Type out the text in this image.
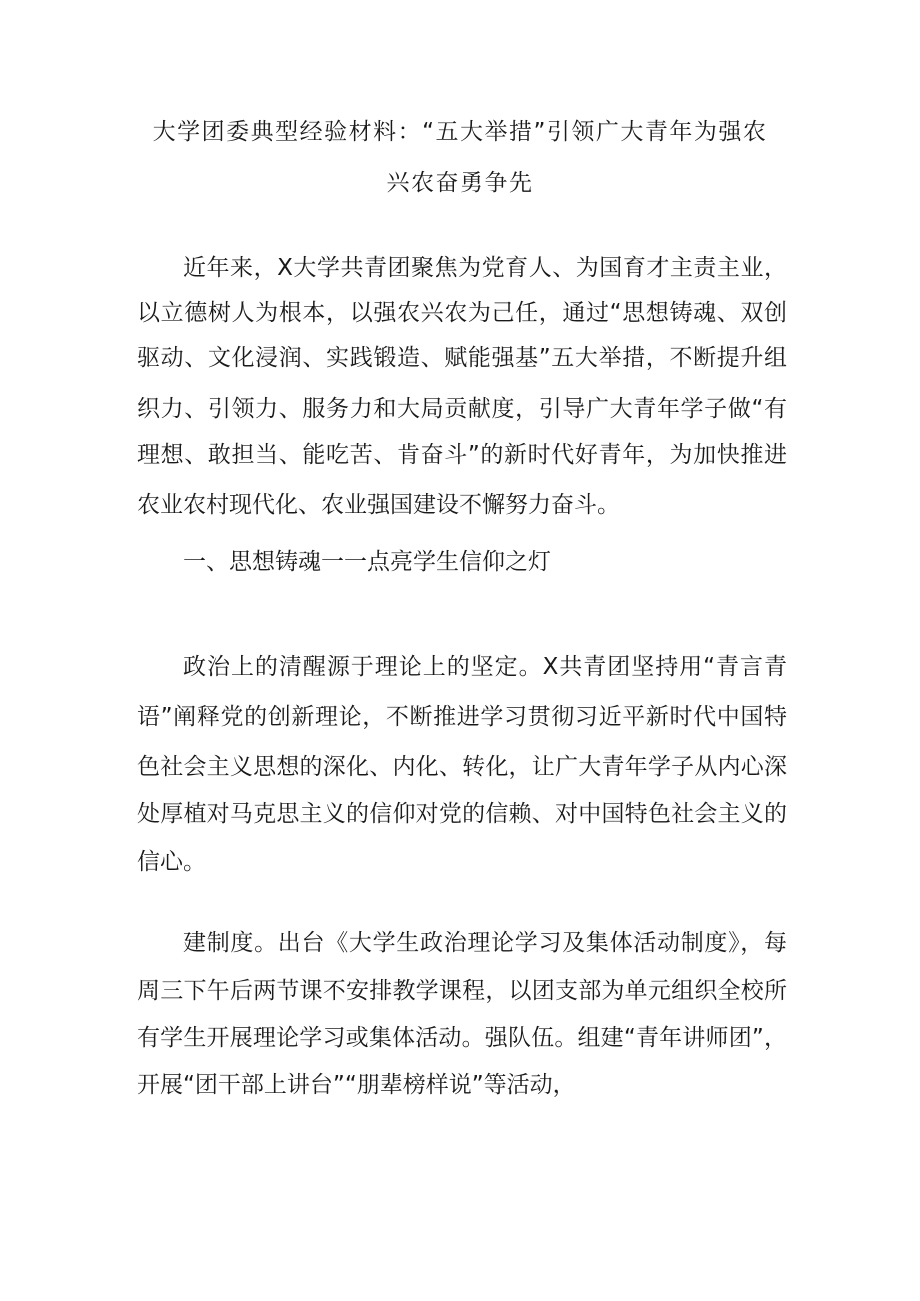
大学团委典型经验材料：“五大举措”引领广大青年为强农
兴农奋勇争先
近年来，X大学共青团聚焦为党育人、为国育才主责主业，
以立德树人为根本，以强农兴农为己任，通过“思想铸魂、双创
驱动、文化浸润、实践锻造、赋能强基”五大举措，不断提升组
织力、引领力、服务力和大局贡献度，引导广大青年学子做“有
理想、敢担当、能吃苦、肯奋斗”的新时代好青年，为加快推进
农业农村现代化、农业强国建设不懈努力奋斗。
一、思想铸魂一一点亮学生信仰之灯
政治上的清醒源于理论上的坚定。X共青团坚持用“青言青
语”阐释党的创新理论，不断推进学习贯彻习近平新时代中国特
色社会主义思想的深化、内化、转化，让广大青年学子从内心深
处厚植对马克思主义的信仰对党的信赖、对中国特色社会主义的
信心。
建制度。出台《大学生政治理论学习及集体活动制度》，每
周三下午后两节课不安排教学课程，以团支部为单元组织全校所
有学生开展理论学习或集体活动。强队伍。组建“青年讲师团”，
开展“团干部上讲台”“朋辈榜样说”等活动，
